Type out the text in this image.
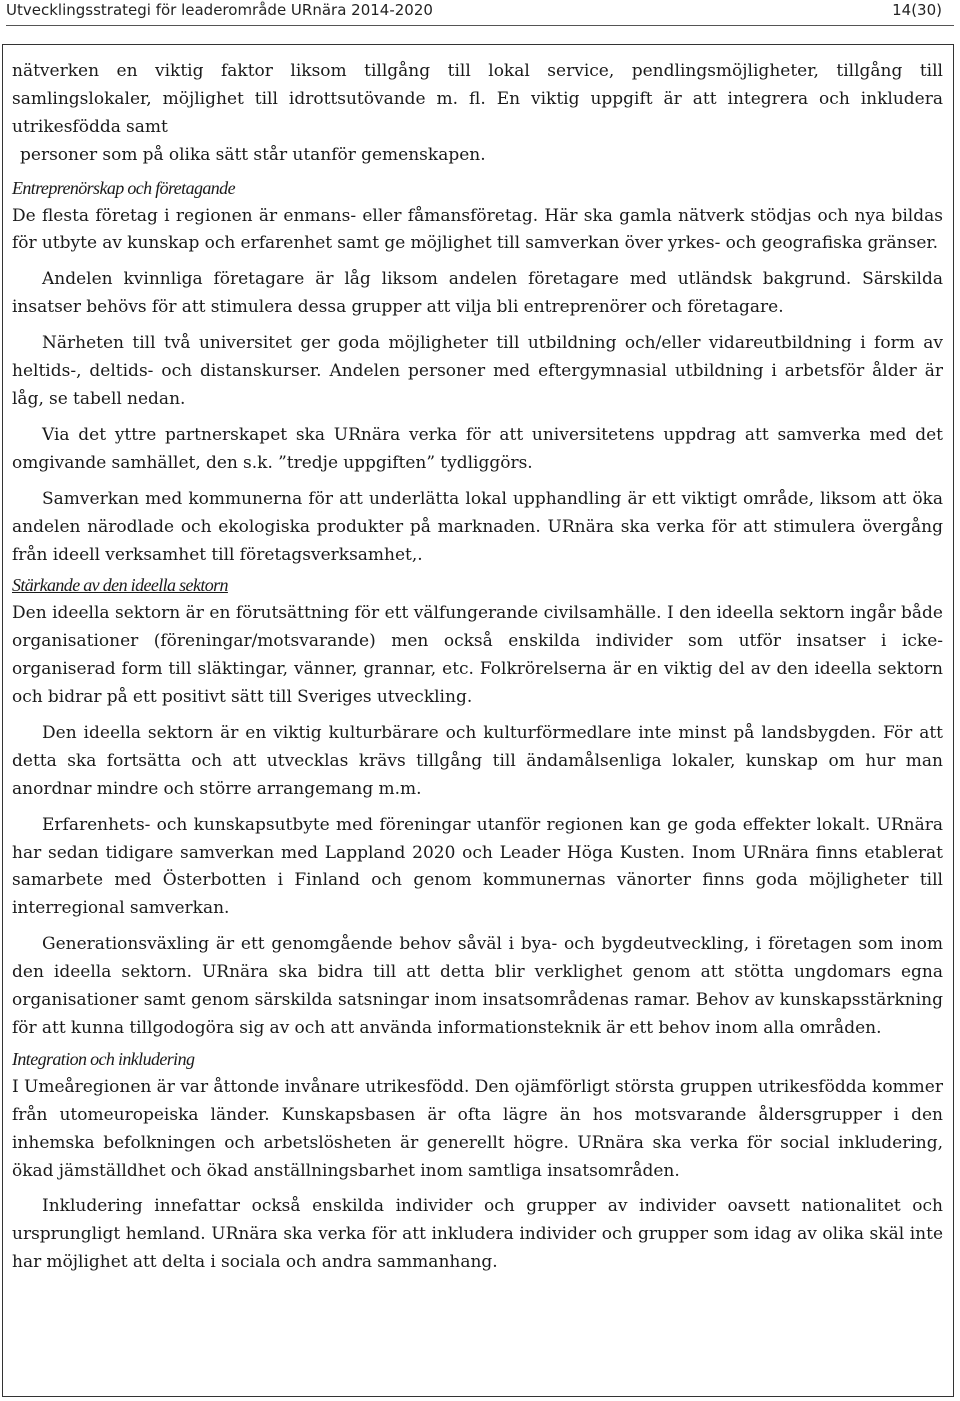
Utvecklingsstrategi för leaderområde URnära 2014-2020	14(30)

nätverken en viktig faktor liksom tillgång till lokal service, pendlingsmöjligheter, tillgång till samlingslokaler, möjlighet till idrottsutövande m. fl. En viktig uppgift är att integrera och inkludera utrikesfödda samt

personer som på olika sätt står utanför gemenskapen.

Entreprenörskap och företagande

De flesta företag i regionen är enmans- eller fåmansföretag. Här ska gamla nätverk stödjas och nya bildas för utbyte av kunskap och erfarenhet samt ge möjlighet till samverkan över yrkes- och geografiska gränser.

Andelen kvinnliga företagare är låg liksom andelen företagare med utländsk bakgrund. Särskilda insatser behövs för att stimulera dessa grupper att vilja bli entreprenörer och företagare.

Närheten till två universitet ger goda möjligheter till utbildning och/eller vidareutbildning i form av heltids-, deltids- och distanskurser. Andelen personer med eftergymnasial utbildning i arbetsför ålder är låg, se tabell nedan.

Via det yttre partnerskapet ska URnära verka för att universitetens uppdrag att samverka med det omgivande samhället, den s.k. ”tredje uppgiften” tydliggörs.

Samverkan med kommunerna för att underlätta lokal upphandling är ett viktigt område, liksom att öka andelen närodlade och ekologiska produkter på marknaden. URnära ska verka för att stimulera övergång från ideell verksamhet till företagsverksamhet,.

Stärkande av den ideella sektorn

Den ideella sektorn är en förutsättning för ett välfungerande civilsamhälle. I den ideella sektorn ingår både organisationer (föreningar/motsvarande) men också enskilda individer som utför insatser i icke-organiserad form till släktingar, vänner, grannar, etc. Folkrörelserna är en viktig del av den ideella sektorn och bidrar på ett positivt sätt till Sveriges utveckling.

Den ideella sektorn är en viktig kulturbärare och kulturförmedlare inte minst på landsbygden. För att detta ska fortsätta och att utvecklas krävs tillgång till ändamålsenliga lokaler, kunskap om hur man anordnar mindre och större arrangemang m.m.

Erfarenhets- och kunskapsutbyte med föreningar utanför regionen kan ge goda effekter lokalt. URnära har sedan tidigare samverkan med Lappland 2020 och Leader Höga Kusten. Inom URnära finns etablerat samarbete med Österbotten i Finland och genom kommunernas vänorter finns goda möjligheter till interregional samverkan.

Generationsväxling är ett genomgående behov såväl i bya- och bygdeutveckling, i företagen som inom den ideella sektorn. URnära ska bidra till att detta blir verklighet genom att stötta ungdomars egna organisationer samt genom särskilda satsningar inom insatsområdenas ramar. Behov av kunskapsstärkning för att kunna tillgodogöra sig av och att använda informationsteknik är ett behov inom alla områden.

Integration och inkludering

I Umeåregionen är var åttonde invånare utrikesfödd. Den ojämförligt största gruppen utrikesfödda kommer från utomeuropeiska länder. Kunskapsbasen är ofta lägre än hos motsvarande åldersgrupper i den inhemska befolkningen och arbetslösheten är generellt högre. URnära ska verka för social inkludering, ökad jämställdhet och ökad anställningsbarhet inom samtliga insatsområden.

Inkludering innefattar också enskilda individer och grupper av individer oavsett nationalitet och ursprungligt hemland. URnära ska verka för att inkludera individer och grupper som idag av olika skäl inte har möjlighet att delta i sociala och andra sammanhang.
